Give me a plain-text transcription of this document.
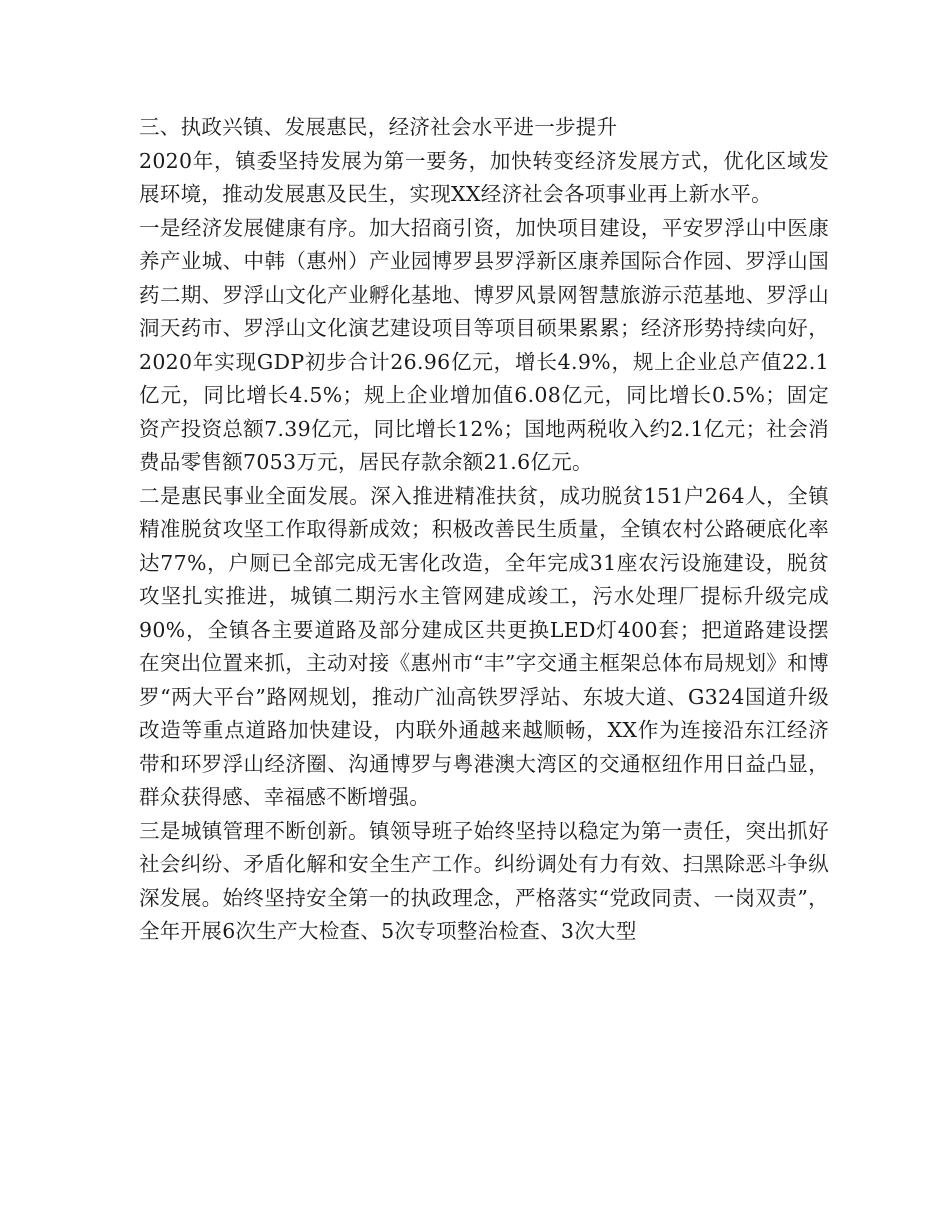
三、执政兴镇、发展惠民，经济社会水平进一步提升

2020年，镇委坚持发展为第一要务，加快转变经济发展方式，优化区域发展环境，推动发展惠及民生，实现XX经济社会各项事业再上新水平。

一是经济发展健康有序。加大招商引资，加快项目建设，平安罗浮山中医康养产业城、中韩（惠州）产业园博罗县罗浮新区康养国际合作园、罗浮山国药二期、罗浮山文化产业孵化基地、博罗风景网智慧旅游示范基地、罗浮山洞天药市、罗浮山文化演艺建设项目等项目硕果累累；经济形势持续向好，2020年实现GDP初步合计26.96亿元，增长4.9%，规上企业总产值22.1亿元，同比增长4.5%；规上企业增加值6.08亿元，同比增长0.5%；固定资产投资总额7.39亿元，同比增长12%；国地两税收入约2.1亿元；社会消费品零售额7053万元，居民存款余额21.6亿元。

二是惠民事业全面发展。深入推进精准扶贫，成功脱贫151户264人，全镇精准脱贫攻坚工作取得新成效；积极改善民生质量，全镇农村公路硬底化率达77%，户厕已全部完成无害化改造，全年完成31座农污设施建设，脱贫攻坚扎实推进，城镇二期污水主管网建成竣工，污水处理厂提标升级完成90%，全镇各主要道路及部分建成区共更换LED灯400套；把道路建设摆在突出位置来抓，主动对接《惠州市“丰”字交通主框架总体布局规划》和博罗“两大平台”路网规划，推动广汕高铁罗浮站、东坡大道、G324国道升级改造等重点道路加快建设，内联外通越来越顺畅，XX作为连接沿东江经济带和环罗浮山经济圈、沟通博罗与粤港澳大湾区的交通枢纽作用日益凸显，群众获得感、幸福感不断增强。

三是城镇管理不断创新。镇领导班子始终坚持以稳定为第一责任，突出抓好社会纠纷、矛盾化解和安全生产工作。纠纷调处有力有效、扫黑除恶斗争纵深发展。始终坚持安全第一的执政理念，严格落实“党政同责、一岗双责”，全年开展6次生产大检查、5次专项整治检查、3次大型
